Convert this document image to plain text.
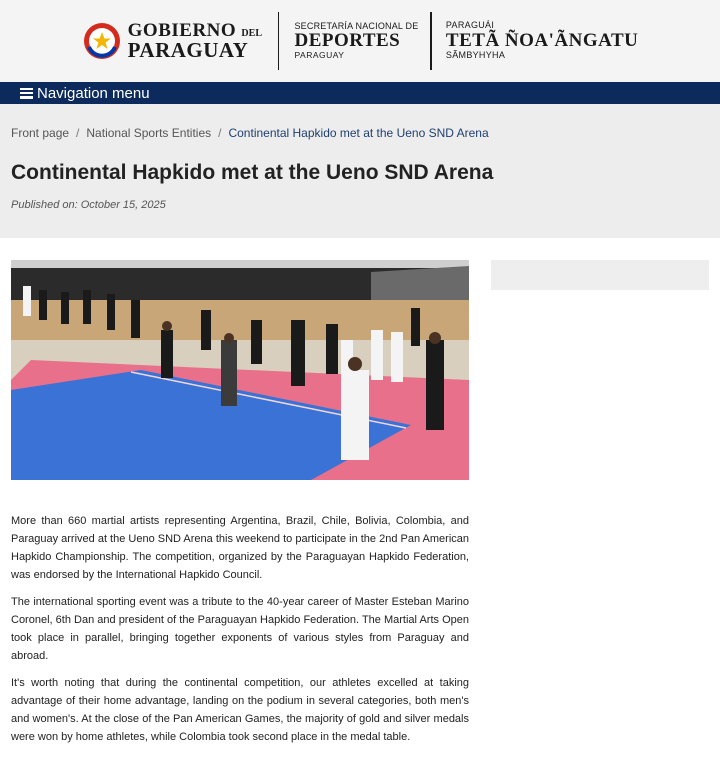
GOBIERNO DEL
PARAGUAY
SECRETARÍA NACIONAL DE
DEPORTES
PARAGUAY
PARAGUÁI
TETÃ ÑOA'ÃNGATU
SÃMBYHYHA
Navigation menu
Front page / National Sports Entities / Continental Hapkido met at the Ueno SND Arena
Continental Hapkido met at the Ueno SND Arena
Published on: October 15, 2025

More than 660 martial artists representing Argentina, Brazil, Chile, Bolivia, Colombia, and Paraguay arrived at the Ueno SND Arena this weekend to participate in the 2nd Pan American Hapkido Championship. The competition, organized by the Paraguayan Hapkido Federation, was endorsed by the International Hapkido Council.

The international sporting event was a tribute to the 40-year career of Master Esteban Marino Coronel, 6th Dan and president of the Paraguayan Hapkido Federation. The Martial Arts Open took place in parallel, bringing together exponents of various styles from Paraguay and abroad.

It's worth noting that during the continental competition, our athletes excelled at taking advantage of their home advantage, landing on the podium in several categories, both men's and women's. At the close of the Pan American Games, the majority of gold and silver medals were won by home athletes, while Colombia took second place in the medal table.
